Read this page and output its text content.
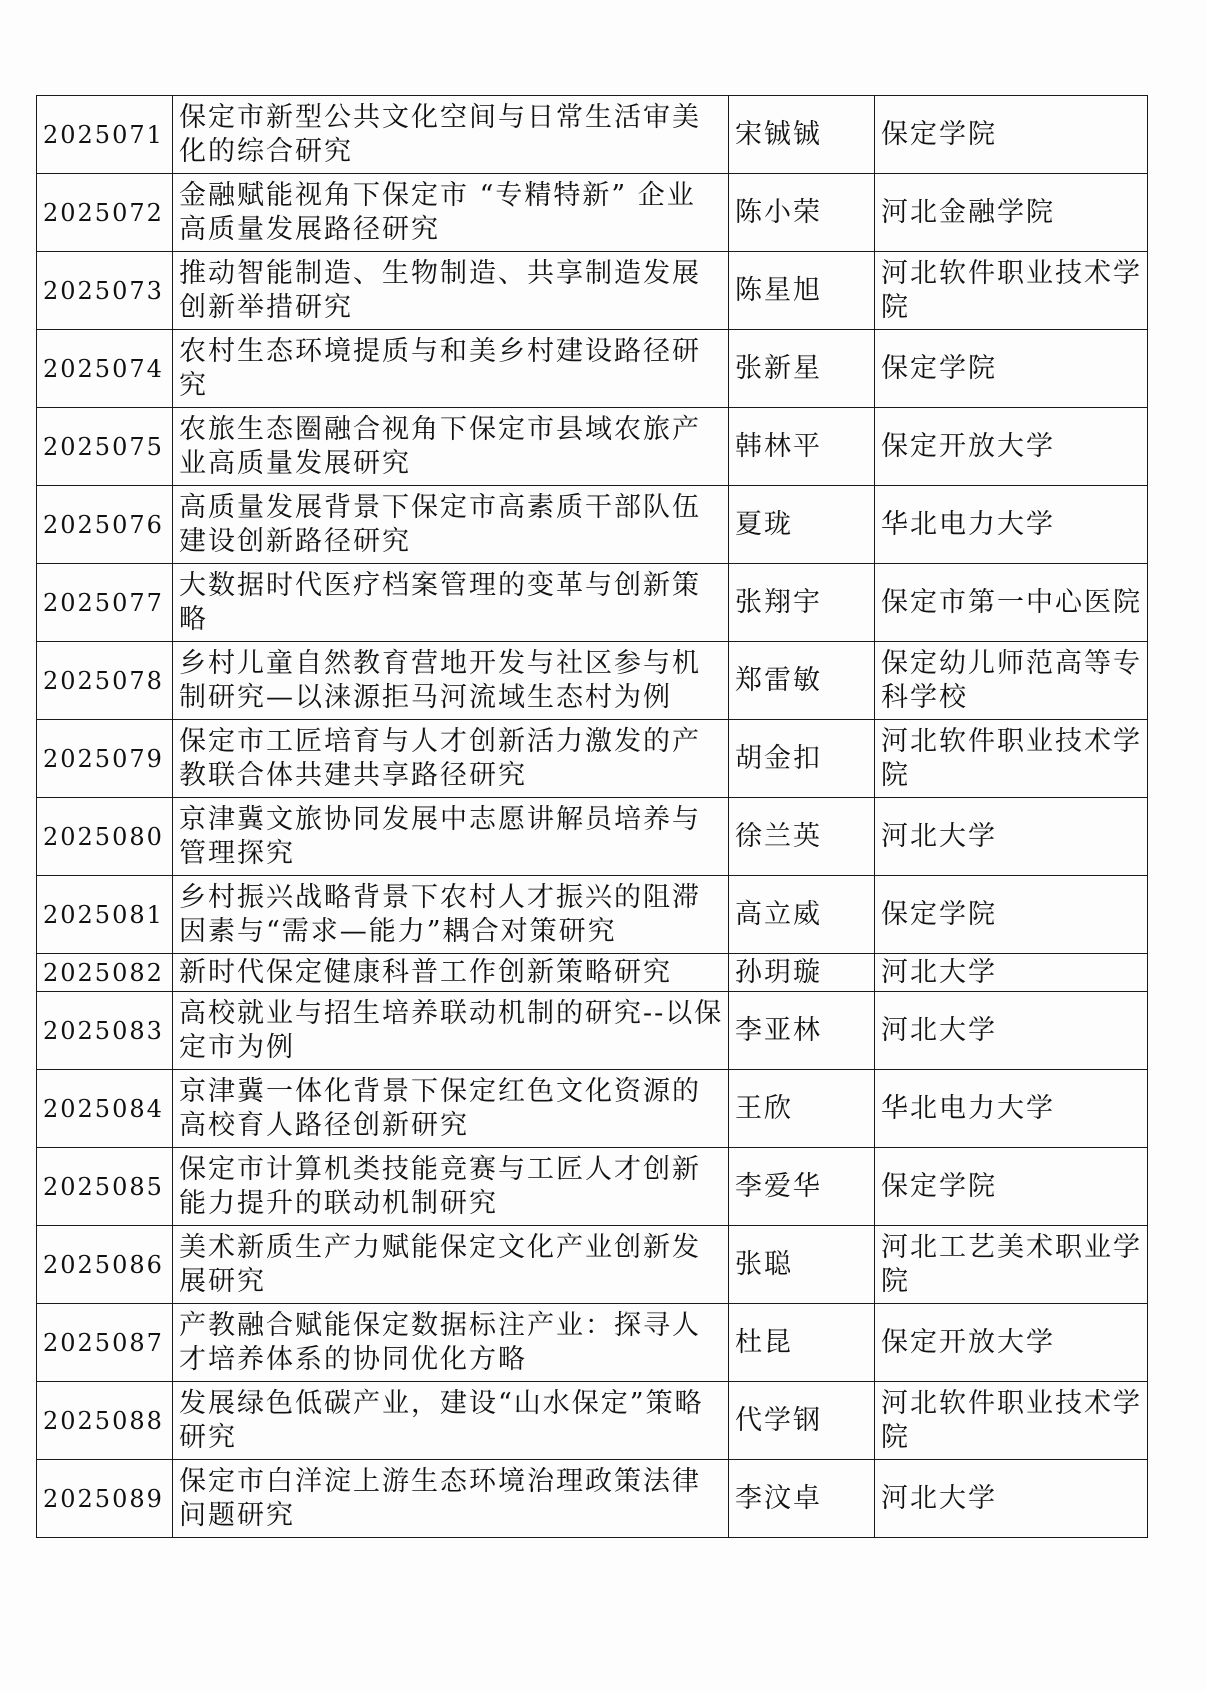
2025071	保定市新型公共文化空间与日常生活审美化的综合研究	宋铖铖	保定学院
2025072	金融赋能视角下保定市 “专精特新” 企业高质量发展路径研究	陈小荣	河北金融学院
2025073	推动智能制造、生物制造、共享制造发展创新举措研究	陈星旭	河北软件职业技术学院
2025074	农村生态环境提质与和美乡村建设路径研究	张新星	保定学院
2025075	农旅生态圈融合视角下保定市县域农旅产业高质量发展研究	韩林平	保定开放大学
2025076	高质量发展背景下保定市高素质干部队伍建设创新路径研究	夏珑	华北电力大学
2025077	大数据时代医疗档案管理的变革与创新策略	张翔宇	保定市第一中心医院
2025078	乡村儿童自然教育营地开发与社区参与机制研究—以涞源拒马河流域生态村为例	郑雷敏	保定幼儿师范高等专科学校
2025079	保定市工匠培育与人才创新活力激发的产教联合体共建共享路径研究	胡金扣	河北软件职业技术学院
2025080	京津冀文旅协同发展中志愿讲解员培养与管理探究	徐兰英	河北大学
2025081	乡村振兴战略背景下农村人才振兴的阻滞因素与“需求—能力”耦合对策研究	高立威	保定学院
2025082	新时代保定健康科普工作创新策略研究	孙玥璇	河北大学
2025083	高校就业与招生培养联动机制的研究--以保定市为例	李亚林	河北大学
2025084	京津冀一体化背景下保定红色文化资源的高校育人路径创新研究	王欣	华北电力大学
2025085	保定市计算机类技能竞赛与工匠人才创新能力提升的联动机制研究	李爱华	保定学院
2025086	美术新质生产力赋能保定文化产业创新发展研究	张聪	河北工艺美术职业学院
2025087	产教融合赋能保定数据标注产业：探寻人才培养体系的协同优化方略	杜昆	保定开放大学
2025088	发展绿色低碳产业，建设“山水保定”策略研究	代学钢	河北软件职业技术学院
2025089	保定市白洋淀上游生态环境治理政策法律问题研究	李汶卓	河北大学
